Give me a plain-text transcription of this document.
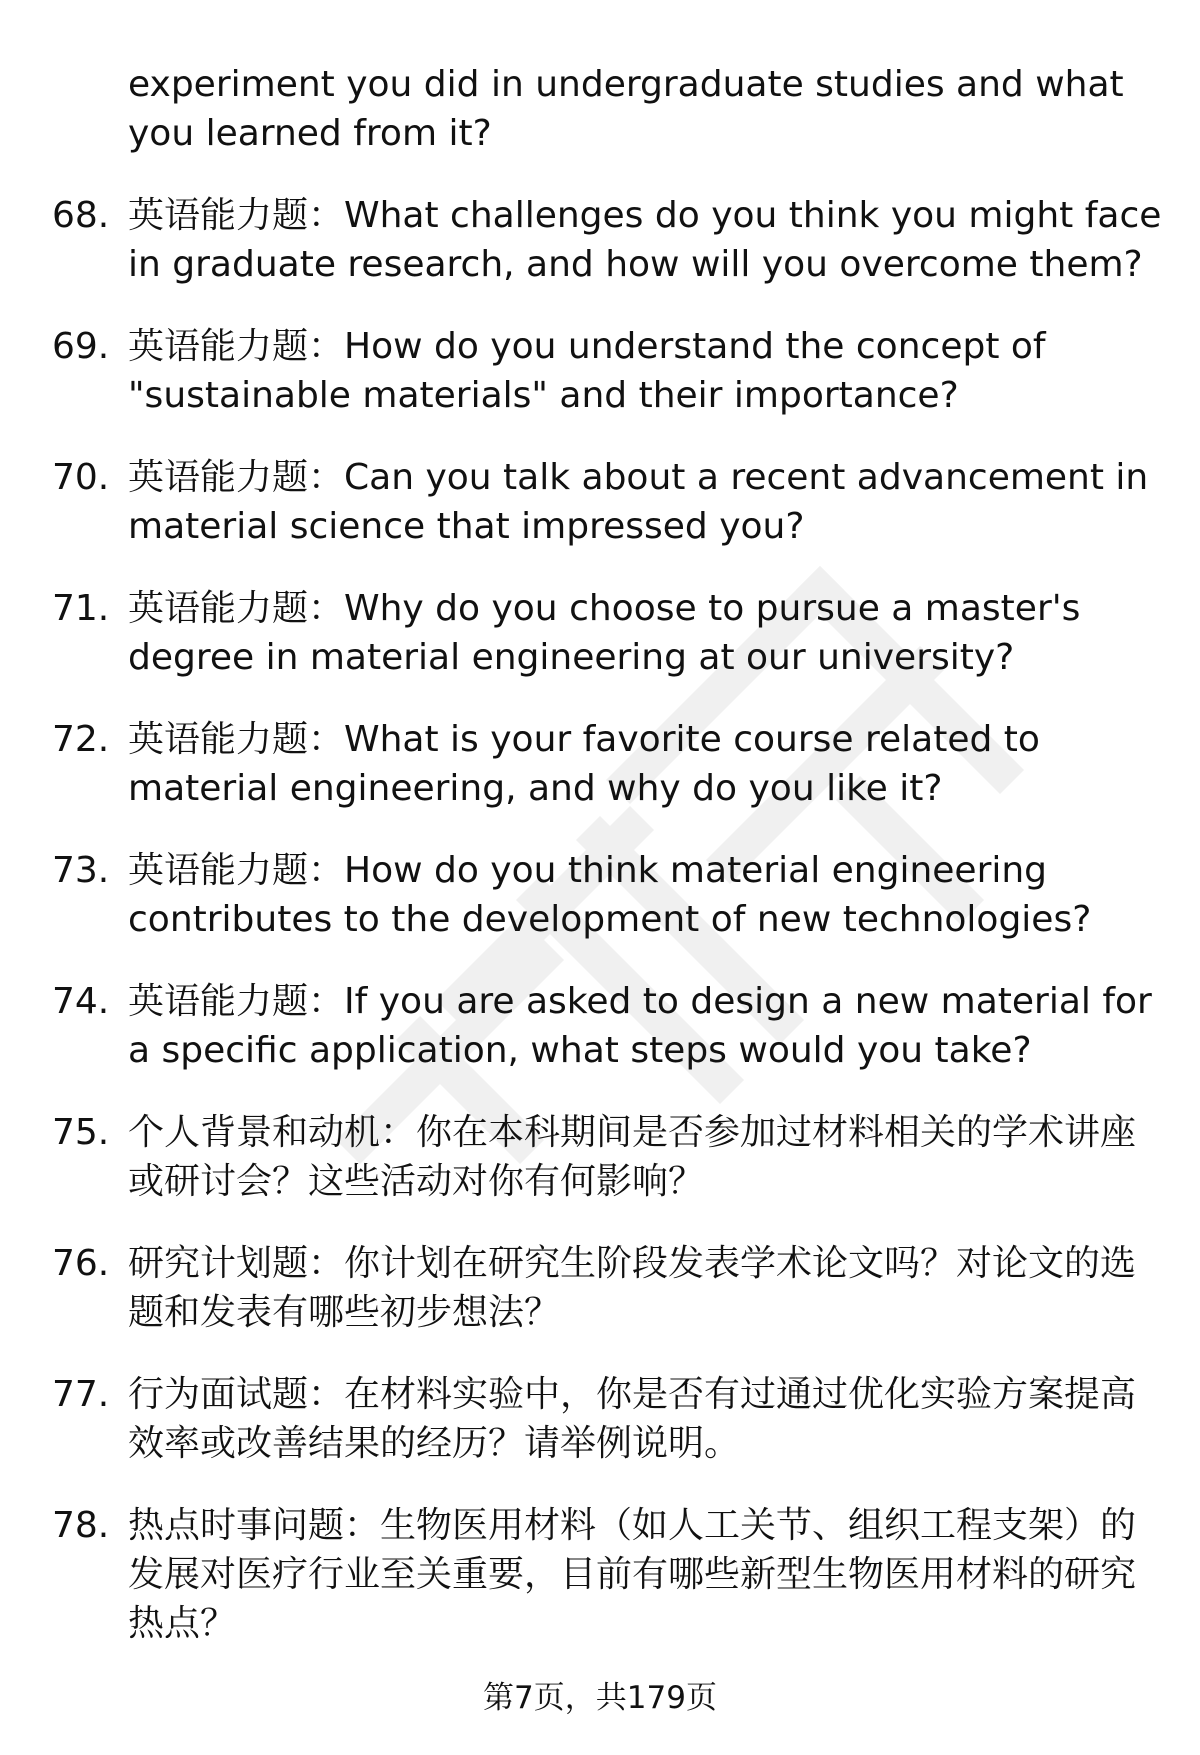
experiment you did in undergraduate studies and what you learned from it?
68. 英语能力题：What challenges do you think you might face in graduate research, and how will you overcome them?
69. 英语能力题：How do you understand the concept of "sustainable materials" and their importance?
70. 英语能力题：Can you talk about a recent advancement in material science that impressed you?
71. 英语能力题：Why do you choose to pursue a master's degree in material engineering at our university?
72. 英语能力题：What is your favorite course related to material engineering, and why do you like it?
73. 英语能力题：How do you think material engineering contributes to the development of new technologies?
74. 英语能力题：If you are asked to design a new material for a specific application, what steps would you take?
75. 个人背景和动机：你在本科期间是否参加过材料相关的学术讲座或研讨会？这些活动对你有何影响？
76. 研究计划题：你计划在研究生阶段发表学术论文吗？对论文的选题和发表有哪些初步想法？
77. 行为面试题：在材料实验中，你是否有过通过优化实验方案提高效率或改善结果的经历？请举例说明。
78. 热点时事问题：生物医用材料（如人工关节、组织工程支架）的发展对医疗行业至关重要，目前有哪些新型生物医用材料的研究热点？
第7页，共179页
